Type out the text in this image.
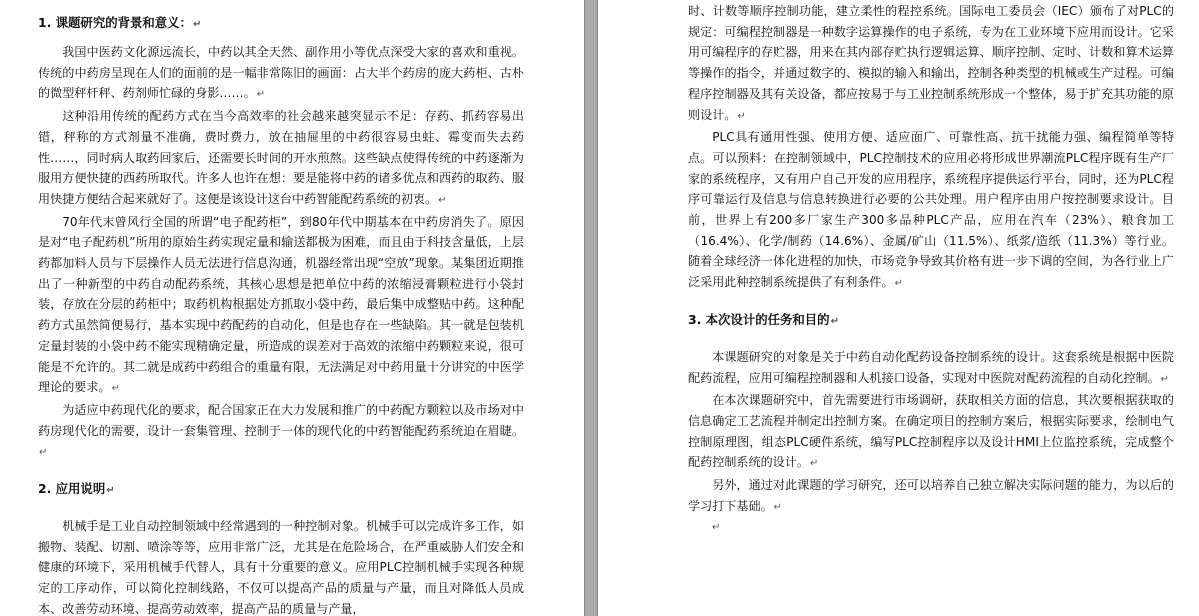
1. 课题研究的背景和意义：↵

我国中医药文化源远流长，中药以其全天然、副作用小等优点深受大家的喜欢和重视。传统的中药房呈现在人们的面前的是一幅非常陈旧的画面：占大半个药房的庞大药柜、古朴的微型秤杆秤、药剂师忙碌的身影……。↵

这种沿用传统的配药方式在当今高效率的社会越来越突显示不足：存药、抓药容易出错，秤称的方式剂量不准确，费时费力，放在抽屉里的中药很容易虫蛀、霉变而失去药性……，同时病人取药回家后，还需要长时间的开水煎熬。这些缺点使得传统的中药逐渐为服用方便快捷的西药所取代。许多人也许在想：要是能将中药的诸多优点和西药的取药、服用快捷方便结合起来就好了。这便是该设计这台中药智能配药系统的初衷。↵

70年代末曾风行全国的所谓“电子配药柜”，到80年代中期基本在中药房消失了。原因是对“电子配药机”所用的原始生药实现定量和输送都极为困难，而且由于科技含量低，上层药都加料人员与下层操作人员无法进行信息沟通，机器经常出现“空放”现象。某集团近期推出了一种新型的中药自动配药系统，其核心思想是把单位中药的浓缩浸膏颗粒进行小袋封装，存放在分层的药柜中；取药机构根据处方抓取小袋中药，最后集中成整贴中药。这种配药方式虽然简便易行，基本实现中药配药的自动化，但是也存在一些缺陷。其一就是包装机定量封装的小袋中药不能实现精确定量，所造成的误差对于高效的浓缩中药颗粒来说，很可能是不允许的。其二就是成药中药组合的重量有限，无法满足对中药用量十分讲究的中医学理论的要求。↵

为适应中药现代化的要求，配合国家正在大力发展和推广的中药配方颗粒以及市场对中药房现代化的需要，设计一套集管理、控制于一体的现代化的中药智能配药系统迫在眉睫。↵

2. 应用说明↵

机械手是工业自动控制领域中经常遇到的一种控制对象。机械手可以完成许多工作，如搬物、装配、切割、喷涂等等，应用非常广泛，尤其是在危险场合，在严重威胁人们安全和健康的环境下，采用机械手代替人，具有十分重要的意义。应用PLC控制机械手实现各种规定的工序动作，可以简化控制线路，不仅可以提高产品的质量与产量，而且对降低人员成本、改善劳动环境、提高劳动效率，提高产品的质量与产量，

时、计数等顺序控制功能，建立柔性的程控系统。国际电工委员会（IEC）颁布了对PLC的规定：可编程控制器是一种数字运算操作的电子系统，专为在工业环境下应用而设计。它采用可编程序的存贮器，用来在其内部存贮执行逻辑运算、顺序控制、定时、计数和算术运算等操作的指令，并通过数字的、模拟的输入和输出，控制各种类型的机械或生产过程。可编程序控制器及其有关设备，都应按易于与工业控制系统形成一个整体，易于扩充其功能的原则设计。↵

PLC具有通用性强、使用方便、适应面广、可靠性高、抗干扰能力强、编程简单等特点。可以预料：在控制领域中，PLC控制技术的应用必将形成世界潮流PLC程序既有生产厂家的系统程序，又有用户自己开发的应用程序，系统程序提供运行平台，同时，还为PLC程序可靠运行及信息与信息转换进行必要的公共处理。用户程序由用户按控制要求设计。目前，世界上有200多厂家生产300多品种PLC产品，应用在汽车（23%）、粮食加工（16.4%）、化学/制药（14.6%）、金属/矿山（11.5%）、纸浆/造纸（11.3%）等行业。随着全球经济一体化进程的加快，市场竞争导致其价格有进一步下调的空间，为各行业上广泛采用此种控制系统提供了有利条件。↵

3. 本次设计的任务和目的↵

本课题研究的对象是关于中药自动化配药设备控制系统的设计。这套系统是根据中医院配药流程，应用可编程控制器和人机接口设备，实现对中医院对配药流程的自动化控制。↵

在本次课题研究中，首先需要进行市场调研，获取相关方面的信息，其次要根据获取的信息确定工艺流程并制定出控制方案。在确定项目的控制方案后，根据实际要求，绘制电气控制原理图，组态PLC硬件系统，编写PLC控制程序以及设计HMI上位监控系统，完成整个配药控制系统的设计。↵

另外，通过对此课题的学习研究，还可以培养自己独立解决实际问题的能力，为以后的学习打下基础。↵

↵
